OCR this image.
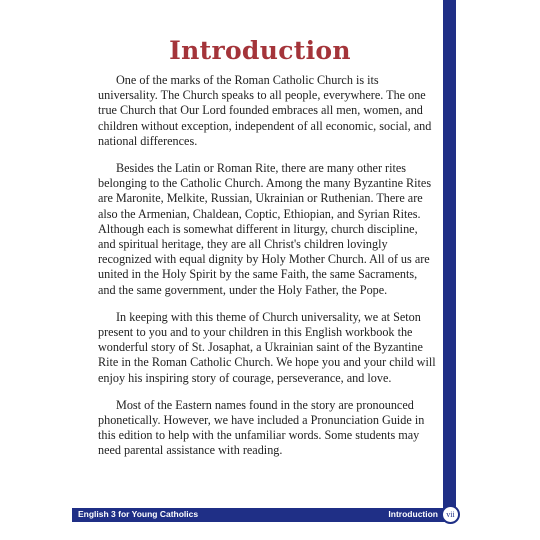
Introduction

One of the marks of the Roman Catholic Church is its universality. The Church speaks to all people, everywhere. The one true Church that Our Lord founded embraces all men, women, and children without exception, independent of all economic, social, and national differences.

Besides the Latin or Roman Rite, there are many other rites belonging to the Catholic Church. Among the many Byzantine Rites are Maronite, Melkite, Russian, Ukrainian or Ruthenian. There are also the Armenian, Chaldean, Coptic, Ethiopian, and Syrian Rites. Although each is somewhat different in liturgy, church discipline, and spiritual heritage, they are all Christ's children lovingly recognized with equal dignity by Holy Mother Church. All of us are united in the Holy Spirit by the same Faith, the same Sacraments, and the same government, under the Holy Father, the Pope.

In keeping with this theme of Church universality, we at Seton present to you and to your children in this English workbook the wonderful story of St. Josaphat, a Ukrainian saint of the Byzantine Rite in the Roman Catholic Church. We hope you and your child will enjoy his inspiring story of courage, perseverance, and love.

Most of the Eastern names found in the story are pronounced phonetically. However, we have included a Pronunciation Guide in this edition to help with the unfamiliar words. Some students may need parental assistance with reading.

English 3 for Young Catholics	Introduction	vii
